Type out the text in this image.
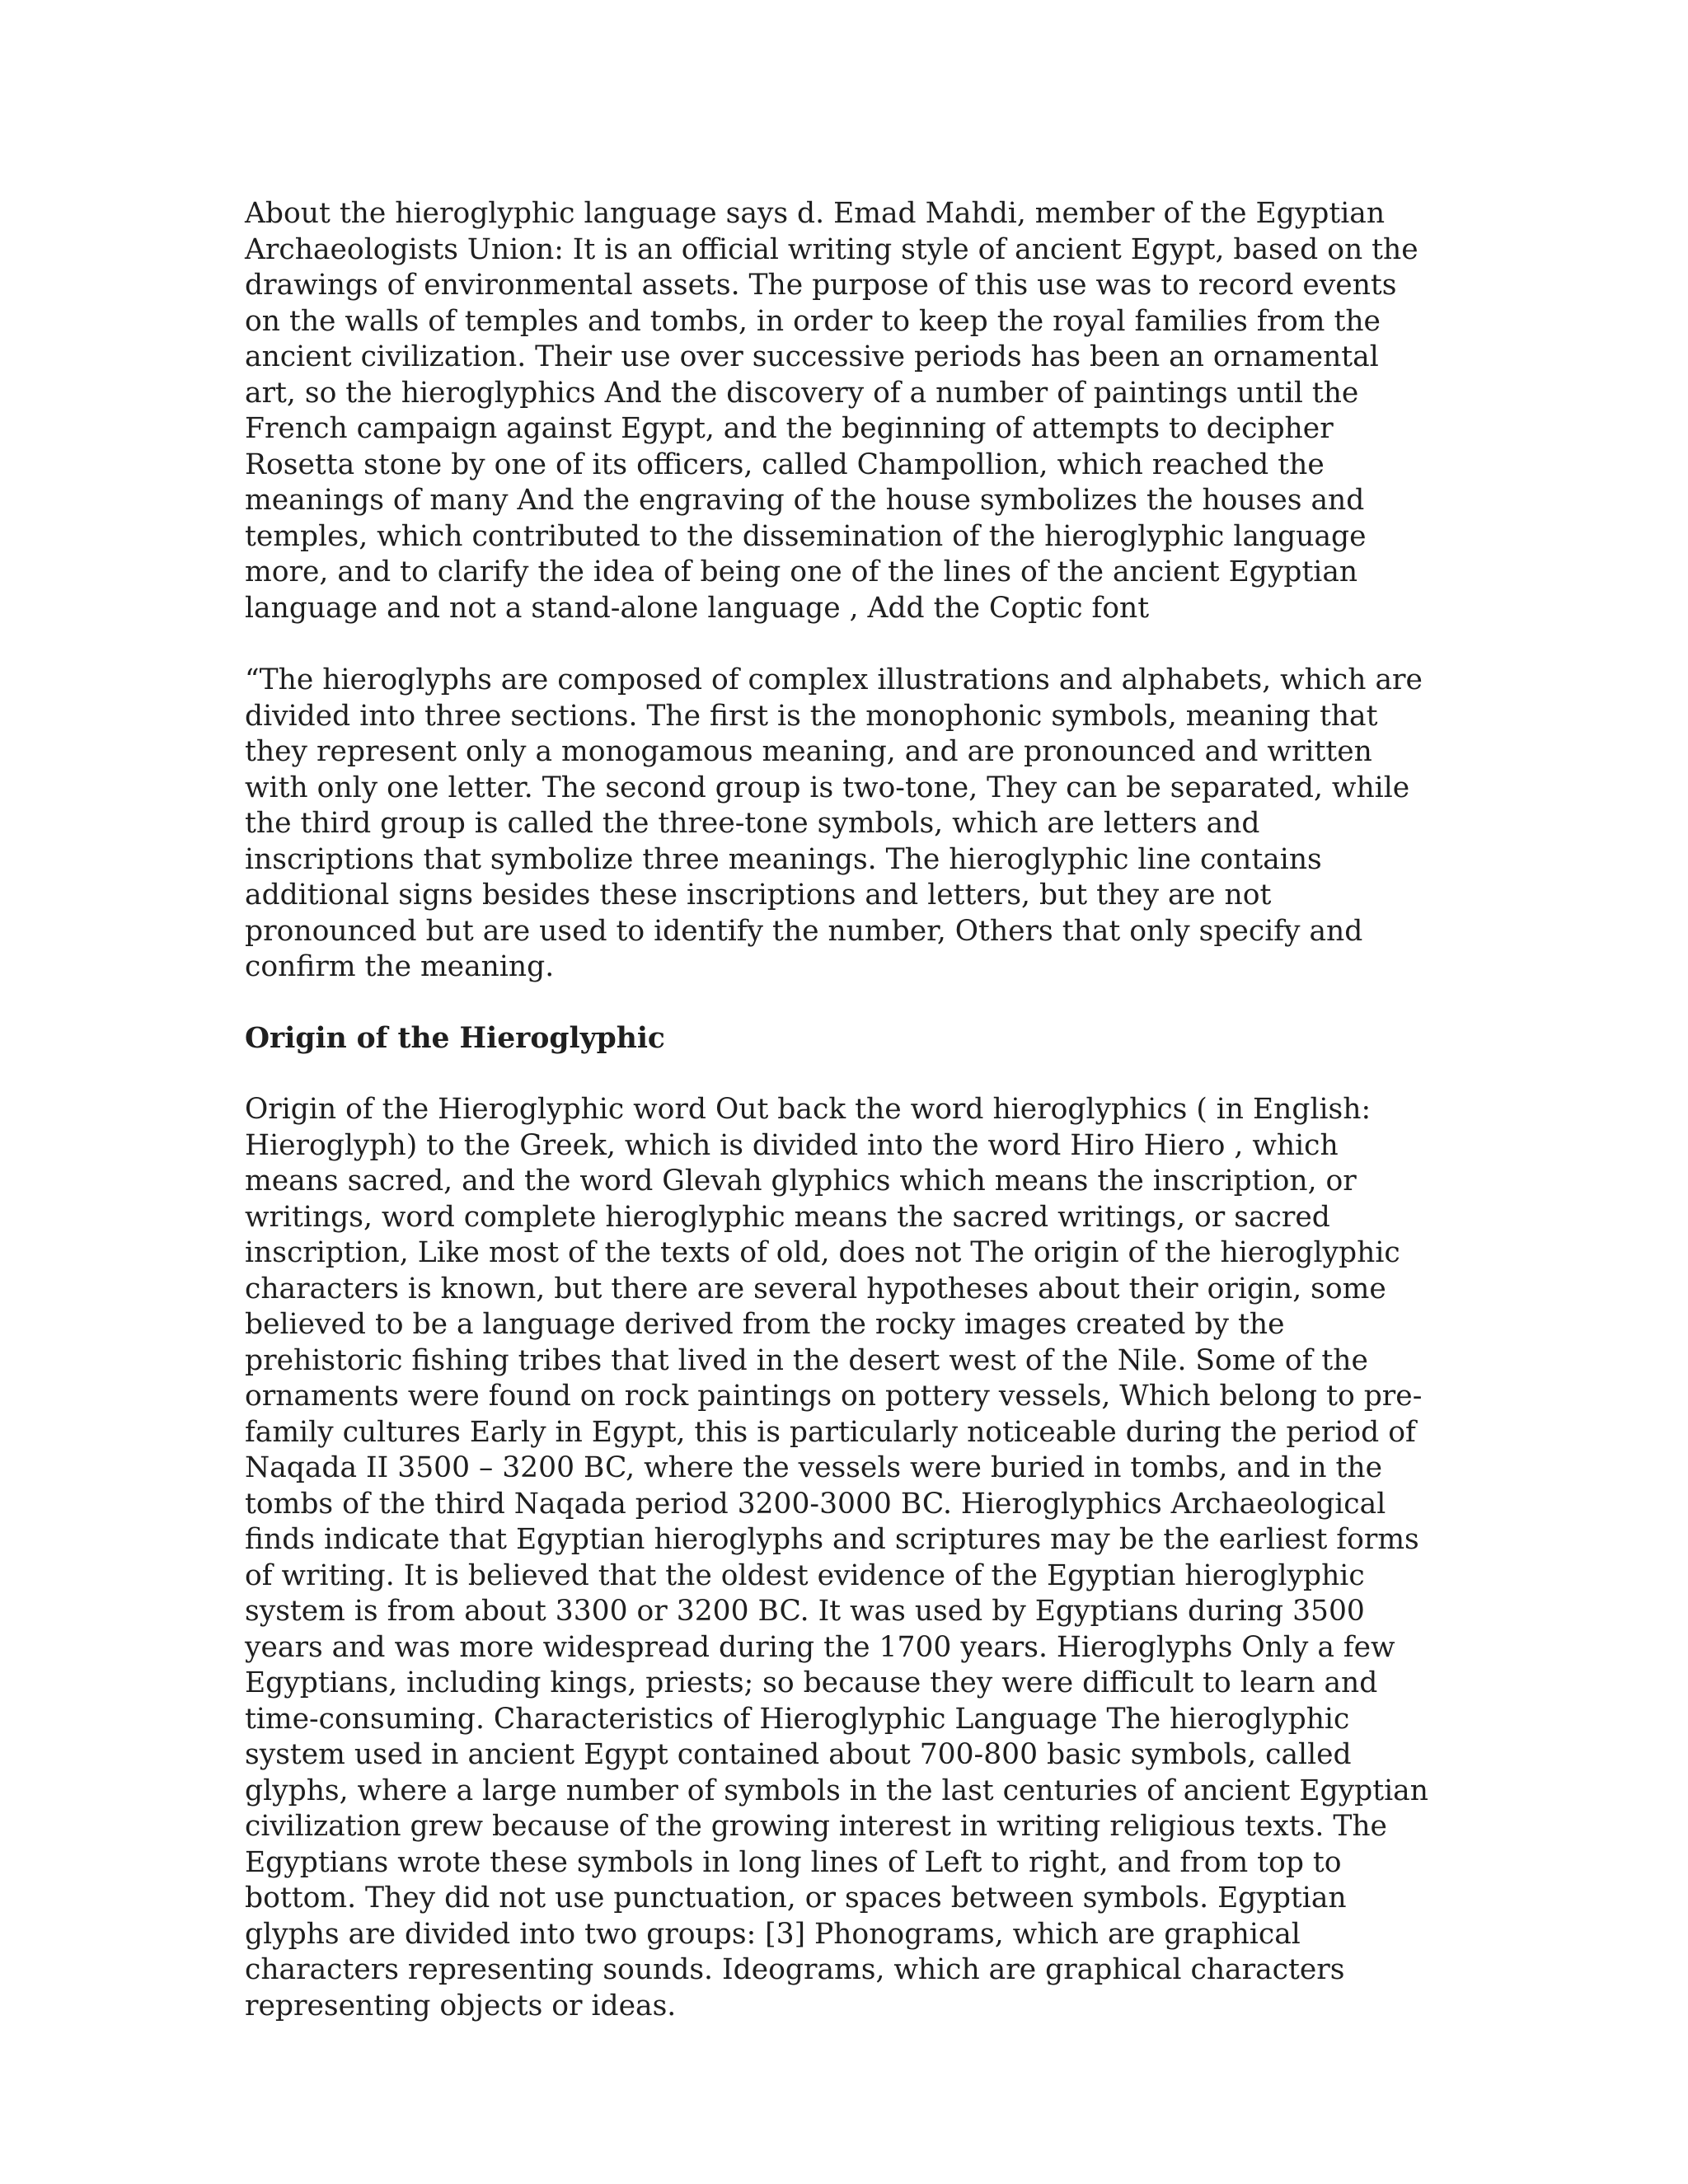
About the hieroglyphic language says d. Emad Mahdi, member of the Egyptian Archaeologists Union: It is an official writing style of ancient Egypt, based on the drawings of environmental assets. The purpose of this use was to record events on the walls of temples and tombs, in order to keep the royal families from the ancient civilization. Their use over successive periods has been an ornamental art, so the hieroglyphics And the discovery of a number of paintings until the French campaign against Egypt, and the beginning of attempts to decipher Rosetta stone by one of its officers, called Champollion, which reached the meanings of many And the engraving of the house symbolizes the houses and temples, which contributed to the dissemination of the hieroglyphic language more, and to clarify the idea of being one of the lines of the ancient Egyptian language and not a stand-alone language , Add the Coptic font

“The hieroglyphs are composed of complex illustrations and alphabets, which are divided into three sections. The first is the monophonic symbols, meaning that they represent only a monogamous meaning, and are pronounced and written with only one letter. The second group is two-tone, They can be separated, while the third group is called the three-tone symbols, which are letters and inscriptions that symbolize three meanings. The hieroglyphic line contains additional signs besides these inscriptions and letters, but they are not pronounced but are used to identify the number, Others that only specify and confirm the meaning.

Origin of the Hieroglyphic

Origin of the Hieroglyphic word Out back the word hieroglyphics ( in English: Hieroglyph) to the Greek, which is divided into the word Hiro Hiero , which means sacred, and the word Glevah glyphics which means the inscription, or writings, word complete hieroglyphic means the sacred writings, or sacred inscription, Like most of the texts of old, does not The origin of the hieroglyphic characters is known, but there are several hypotheses about their origin, some believed to be a language derived from the rocky images created by the prehistoric fishing tribes that lived in the desert west of the Nile. Some of the ornaments were found on rock paintings on pottery vessels, Which belong to pre-family cultures Early in Egypt, this is particularly noticeable during the period of Naqada II 3500 – 3200 BC, where the vessels were buried in tombs, and in the tombs of the third Naqada period 3200-3000 BC. Hieroglyphics Archaeological finds indicate that Egyptian hieroglyphs and scriptures may be the earliest forms of writing. It is believed that the oldest evidence of the Egyptian hieroglyphic system is from about 3300 or 3200 BC. It was used by Egyptians during 3500 years and was more widespread during the 1700 years. Hieroglyphs Only a few Egyptians, including kings, priests; so because they were difficult to learn and time-consuming. Characteristics of Hieroglyphic Language The hieroglyphic system used in ancient Egypt contained about 700-800 basic symbols, called glyphs, where a large number of symbols in the last centuries of ancient Egyptian civilization grew because of the growing interest in writing religious texts. The Egyptians wrote these symbols in long lines of Left to right, and from top to bottom. They did not use punctuation, or spaces between symbols. Egyptian glyphs are divided into two groups: [3] Phonograms, which are graphical characters representing sounds. Ideograms, which are graphical characters representing objects or ideas.
